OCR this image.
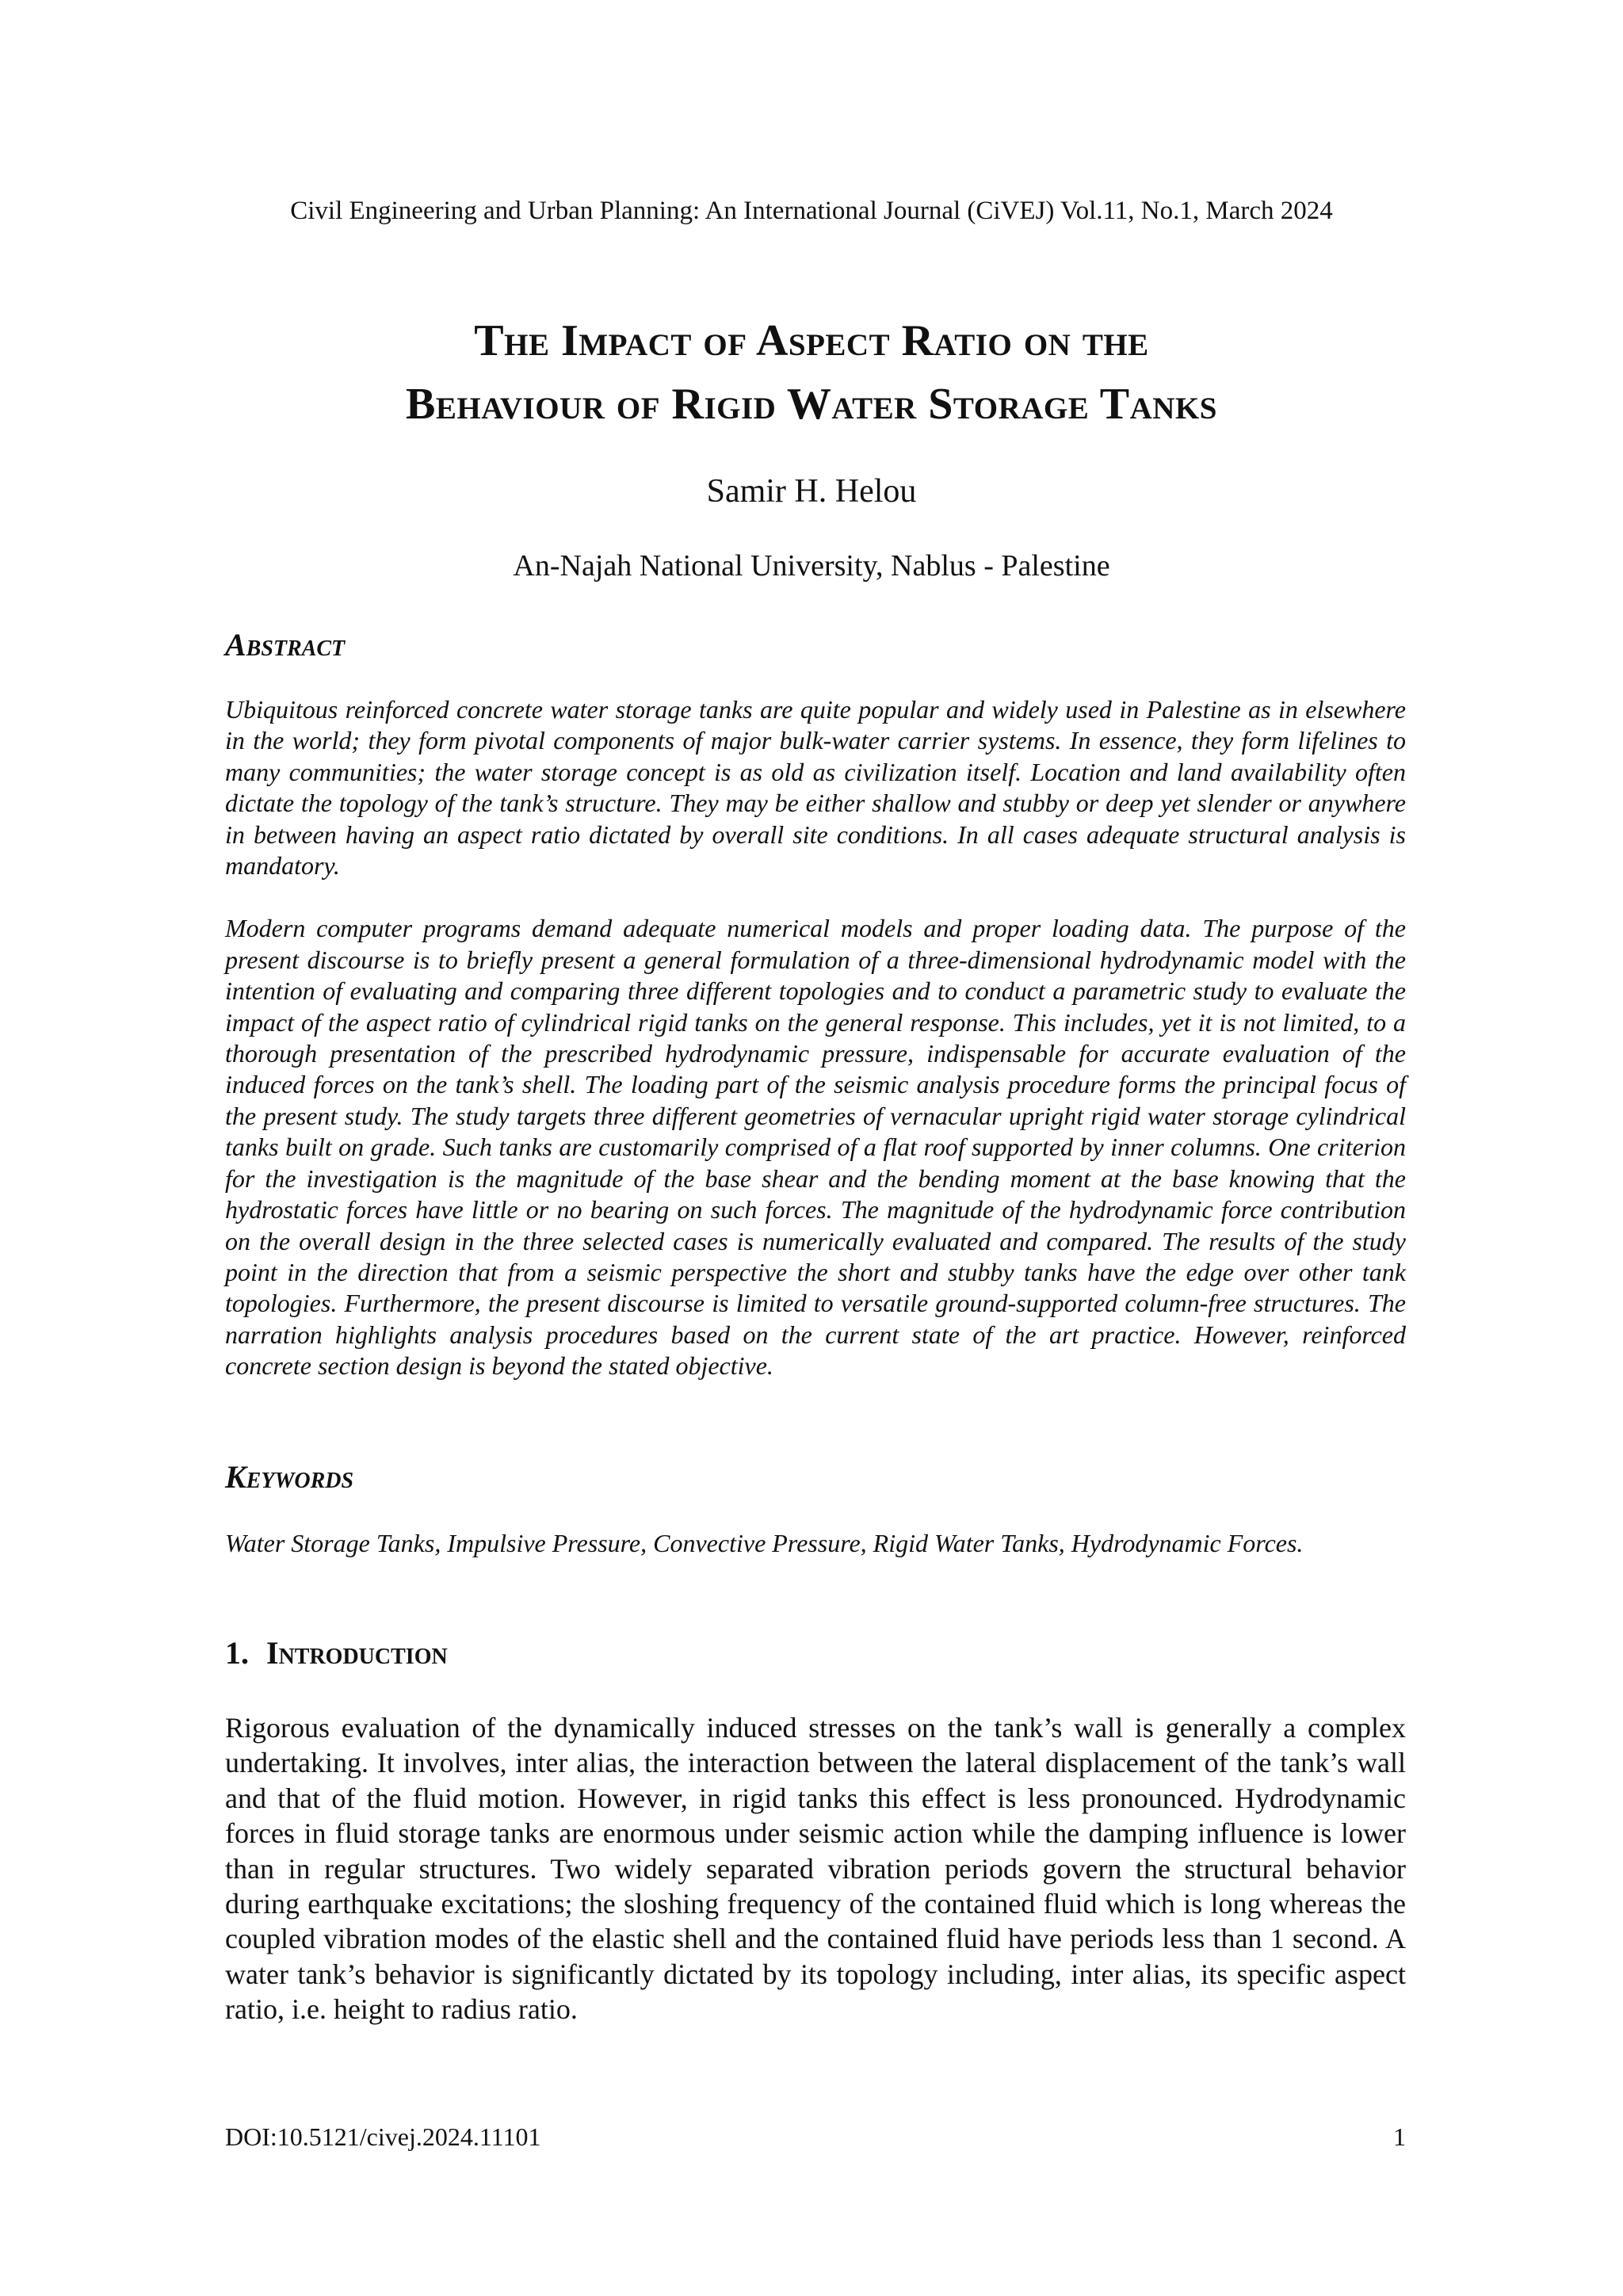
Civil Engineering and Urban Planning: An International Journal (CiVEJ) Vol.11, No.1, March 2024
The Impact of Aspect Ratio on the
Behaviour of Rigid Water Storage Tanks
Samir H. Helou
An-Najah National University, Nablus - Palestine
Abstract

Ubiquitous reinforced concrete water storage tanks are quite popular and widely used in Palestine as in elsewhere in the world; they form pivotal components of major bulk-water carrier systems. In essence, they form lifelines to many communities; the water storage concept is as old as civilization itself. Location and land availability often dictate the topology of the tank’s structure. They may be either shallow and stubby or deep yet slender or anywhere in between having an aspect ratio dictated by overall site conditions. In all cases adequate structural analysis is mandatory.

Modern computer programs demand adequate numerical models and proper loading data. The purpose of the present discourse is to briefly present a general formulation of a three-dimensional hydrodynamic model with the intention of evaluating and comparing three different topologies and to conduct a parametric study to evaluate the impact of the aspect ratio of cylindrical rigid tanks on the general response. This includes, yet it is not limited, to a thorough presentation of the prescribed hydrodynamic pressure, indispensable for accurate evaluation of the induced forces on the tank’s shell. The loading part of the seismic analysis procedure forms the principal focus of the present study. The study targets three different geometries of vernacular upright rigid water storage cylindrical tanks built on grade. Such tanks are customarily comprised of a flat roof supported by inner columns. One criterion for the investigation is the magnitude of the base shear and the bending moment at the base knowing that the hydrostatic forces have little or no bearing on such forces. The magnitude of the hydrodynamic force contribution on the overall design in the three selected cases is numerically evaluated and compared. The results of the study point in the direction that from a seismic perspective the short and stubby tanks have the edge over other tank topologies. Furthermore, the present discourse is limited to versatile ground-supported column-free structures. The narration highlights analysis procedures based on the current state of the art practice. However, reinforced concrete section design is beyond the stated objective.

Keywords

Water Storage Tanks, Impulsive Pressure, Convective Pressure, Rigid Water Tanks, Hydrodynamic Forces.

1. Introduction

Rigorous evaluation of the dynamically induced stresses on the tank’s wall is generally a complex undertaking. It involves, inter alias, the interaction between the lateral displacement of the tank’s wall and that of the fluid motion. However, in rigid tanks this effect is less pronounced. Hydrodynamic forces in fluid storage tanks are enormous under seismic action while the damping influence is lower than in regular structures. Two widely separated vibration periods govern the structural behavior during earthquake excitations; the sloshing frequency of the contained fluid which is long whereas the coupled vibration modes of the elastic shell and the contained fluid have periods less than 1 second. A water tank’s behavior is significantly dictated by its topology including, inter alias, its specific aspect ratio, i.e. height to radius ratio.

DOI:10.5121/civej.2024.11101	1
